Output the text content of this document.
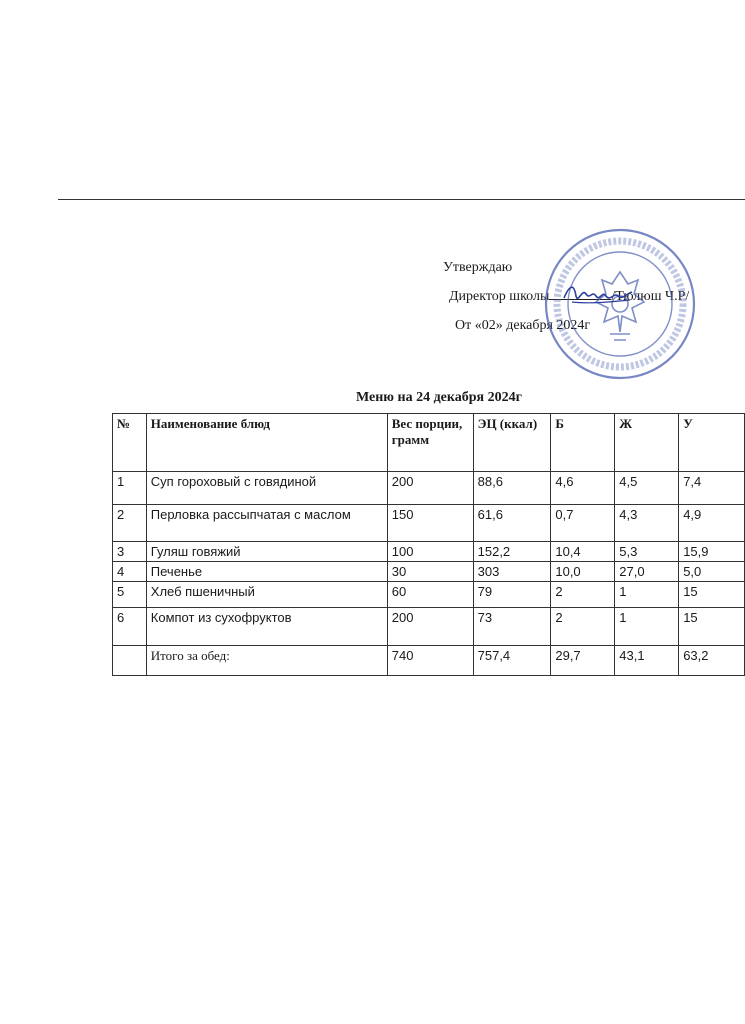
Утверждаю
Директор школы	/Тюлюш Ч.Р/
От «02» декабря 2024г
Меню на 24 декабря 2024г
№	Наименование блюд	Вес порции, грамм	ЭЦ (ккал)	Б	Ж	У
1	Суп гороховый с говядиной	200	88,6	4,6	4,5	7,4
2	Перловка рассыпчатая с маслом	150	61,6	0,7	4,3	4,9
3	Гуляш говяжий	100	152,2	10,4	5,3	15,9
4	Печенье	30	303	10,0	27,0	5,0
5	Хлеб пшеничный	60	79	2	1	15
6	Компот из сухофруктов	200	73	2	1	15
	Итого за обед:	740	757,4	29,7	43,1	63,2
